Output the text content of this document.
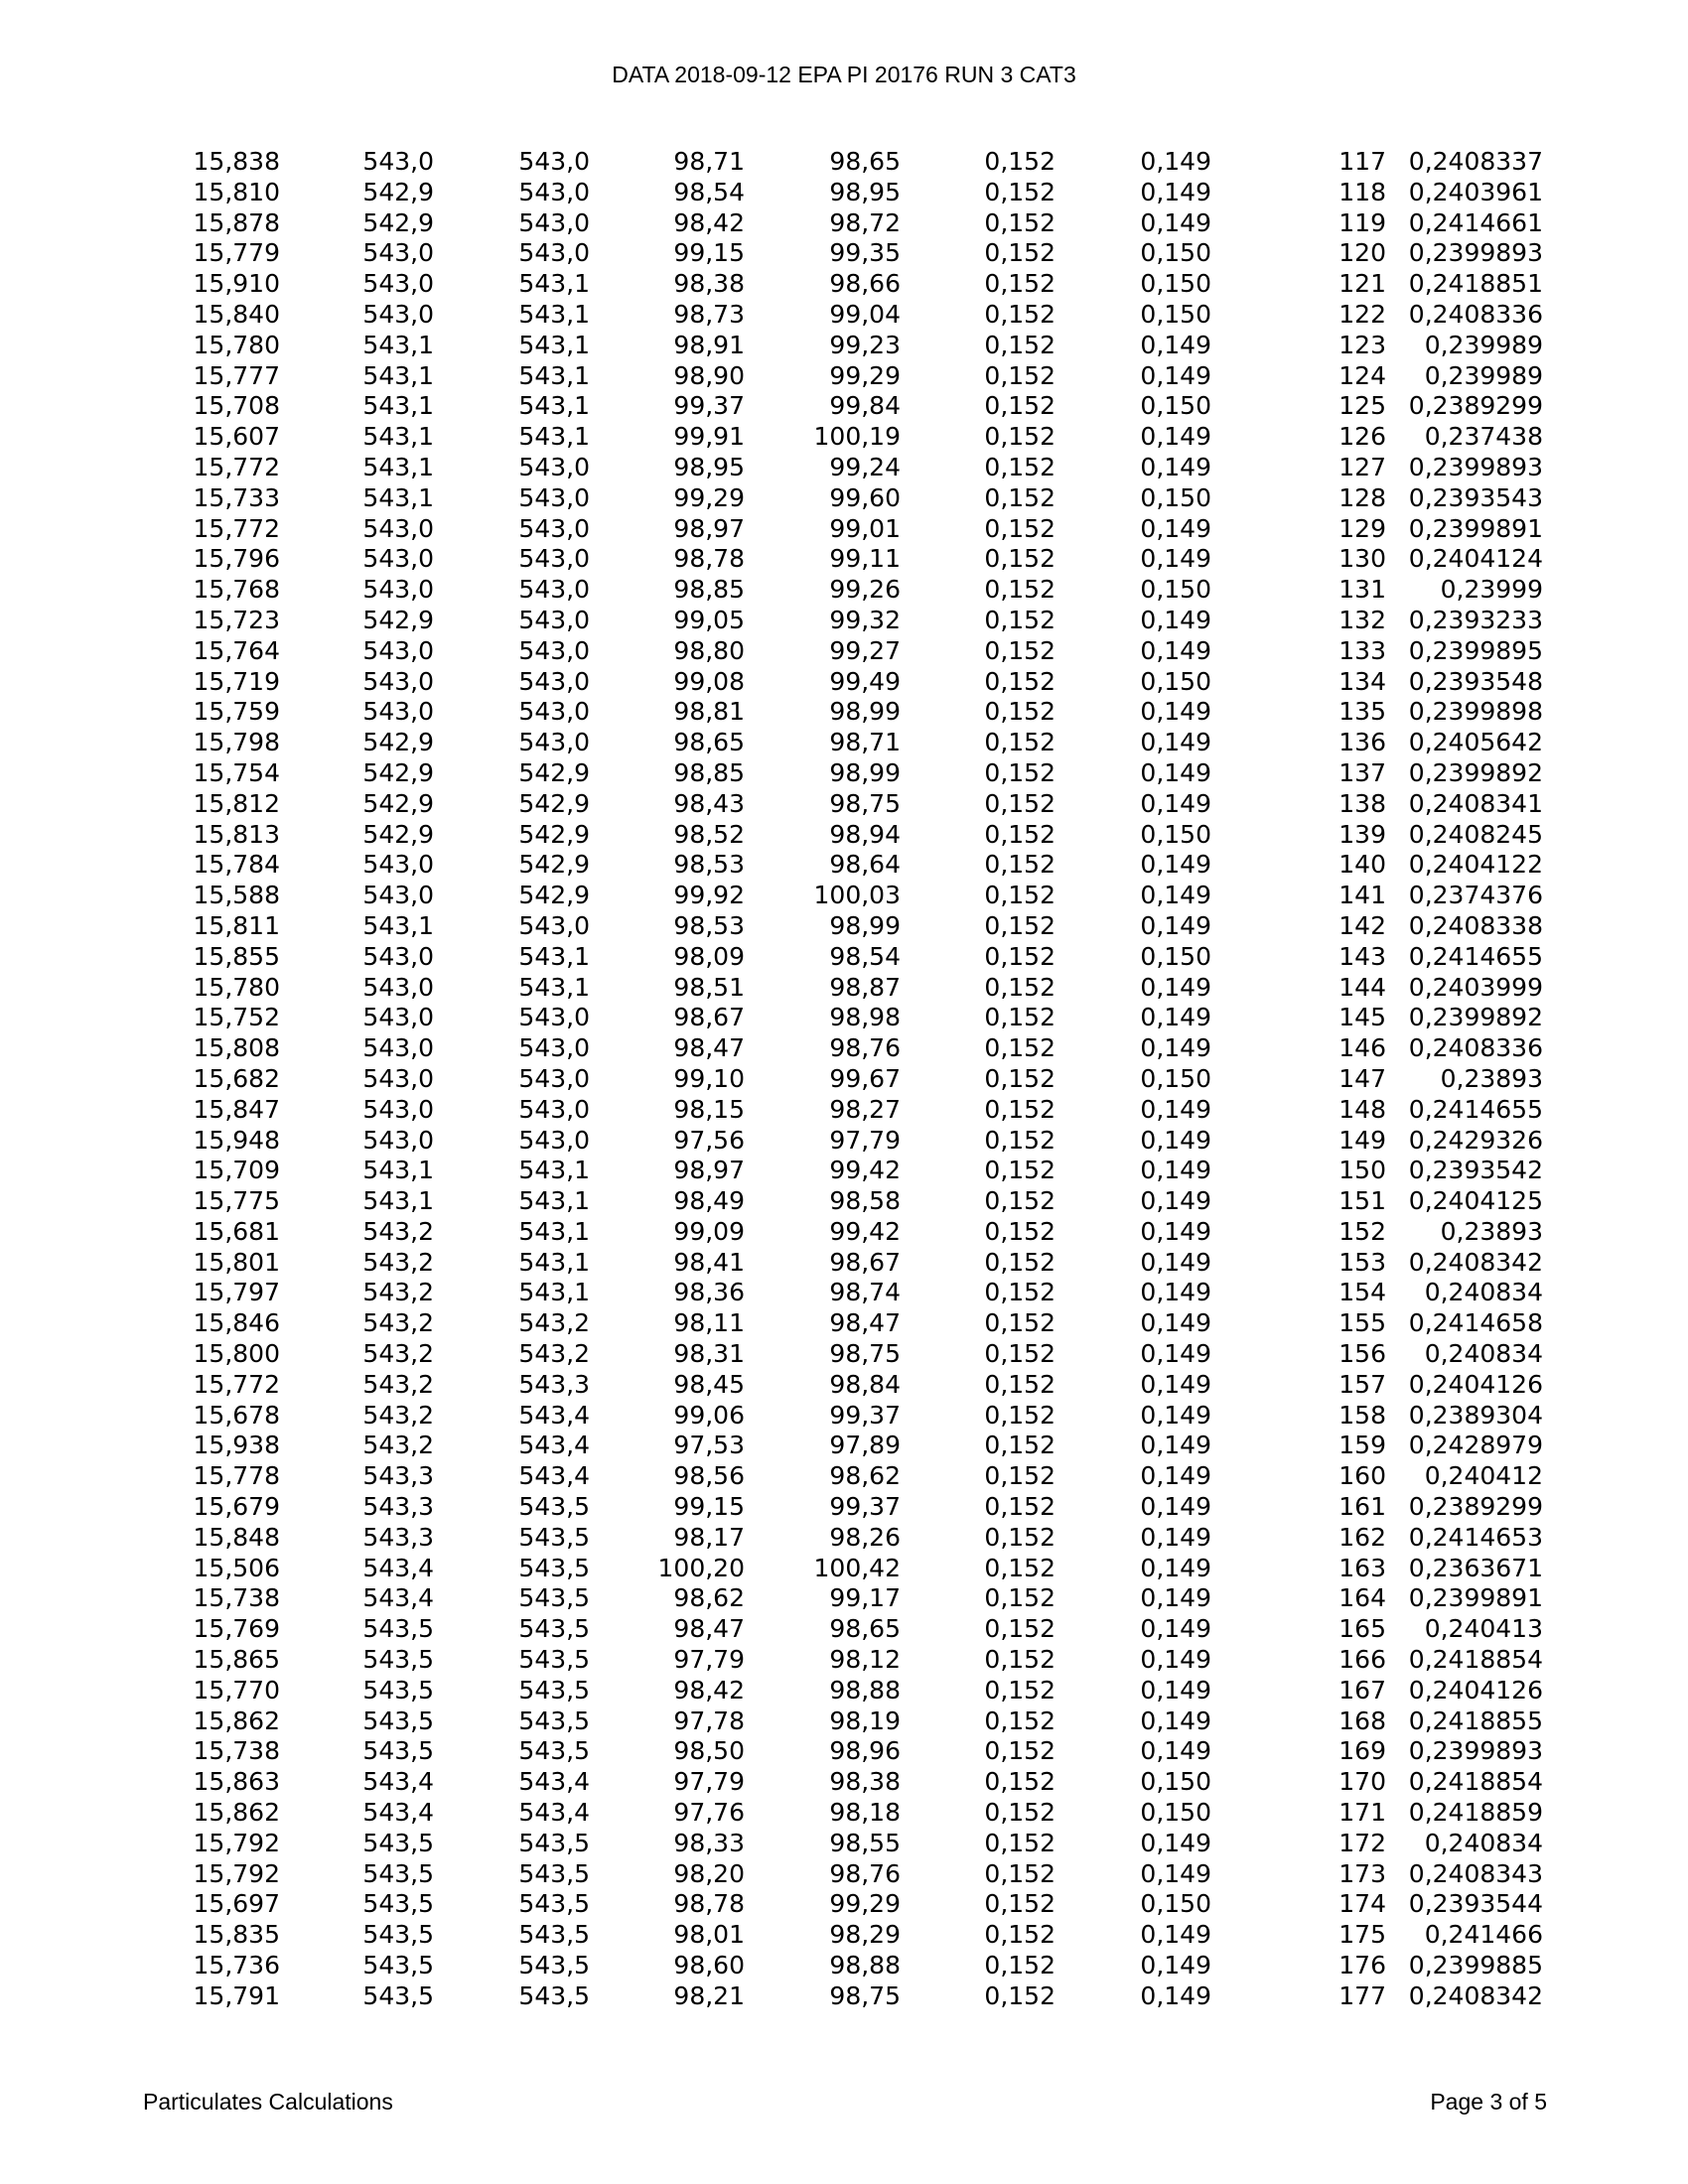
DATA 2018-09-12 EPA PI 20176 RUN 3 CAT3
15,838	543,0	543,0	98,71	98,65	0,152	0,149	117	0,2408337
15,810	542,9	543,0	98,54	98,95	0,152	0,149	118	0,2403961
15,878	542,9	543,0	98,42	98,72	0,152	0,149	119	0,2414661
15,779	543,0	543,0	99,15	99,35	0,152	0,150	120	0,2399893
15,910	543,0	543,1	98,38	98,66	0,152	0,150	121	0,2418851
15,840	543,0	543,1	98,73	99,04	0,152	0,150	122	0,2408336
15,780	543,1	543,1	98,91	99,23	0,152	0,149	123	0,239989
15,777	543,1	543,1	98,90	99,29	0,152	0,149	124	0,239989
15,708	543,1	543,1	99,37	99,84	0,152	0,150	125	0,2389299
15,607	543,1	543,1	99,91	100,19	0,152	0,149	126	0,237438
15,772	543,1	543,0	98,95	99,24	0,152	0,149	127	0,2399893
15,733	543,1	543,0	99,29	99,60	0,152	0,150	128	0,2393543
15,772	543,0	543,0	98,97	99,01	0,152	0,149	129	0,2399891
15,796	543,0	543,0	98,78	99,11	0,152	0,149	130	0,2404124
15,768	543,0	543,0	98,85	99,26	0,152	0,150	131	0,23999
15,723	542,9	543,0	99,05	99,32	0,152	0,149	132	0,2393233
15,764	543,0	543,0	98,80	99,27	0,152	0,149	133	0,2399895
15,719	543,0	543,0	99,08	99,49	0,152	0,150	134	0,2393548
15,759	543,0	543,0	98,81	98,99	0,152	0,149	135	0,2399898
15,798	542,9	543,0	98,65	98,71	0,152	0,149	136	0,2405642
15,754	542,9	542,9	98,85	98,99	0,152	0,149	137	0,2399892
15,812	542,9	542,9	98,43	98,75	0,152	0,149	138	0,2408341
15,813	542,9	542,9	98,52	98,94	0,152	0,150	139	0,2408245
15,784	543,0	542,9	98,53	98,64	0,152	0,149	140	0,2404122
15,588	543,0	542,9	99,92	100,03	0,152	0,149	141	0,2374376
15,811	543,1	543,0	98,53	98,99	0,152	0,149	142	0,2408338
15,855	543,0	543,1	98,09	98,54	0,152	0,150	143	0,2414655
15,780	543,0	543,1	98,51	98,87	0,152	0,149	144	0,2403999
15,752	543,0	543,0	98,67	98,98	0,152	0,149	145	0,2399892
15,808	543,0	543,0	98,47	98,76	0,152	0,149	146	0,2408336
15,682	543,0	543,0	99,10	99,67	0,152	0,150	147	0,23893
15,847	543,0	543,0	98,15	98,27	0,152	0,149	148	0,2414655
15,948	543,0	543,0	97,56	97,79	0,152	0,149	149	0,2429326
15,709	543,1	543,1	98,97	99,42	0,152	0,149	150	0,2393542
15,775	543,1	543,1	98,49	98,58	0,152	0,149	151	0,2404125
15,681	543,2	543,1	99,09	99,42	0,152	0,149	152	0,23893
15,801	543,2	543,1	98,41	98,67	0,152	0,149	153	0,2408342
15,797	543,2	543,1	98,36	98,74	0,152	0,149	154	0,240834
15,846	543,2	543,2	98,11	98,47	0,152	0,149	155	0,2414658
15,800	543,2	543,2	98,31	98,75	0,152	0,149	156	0,240834
15,772	543,2	543,3	98,45	98,84	0,152	0,149	157	0,2404126
15,678	543,2	543,4	99,06	99,37	0,152	0,149	158	0,2389304
15,938	543,2	543,4	97,53	97,89	0,152	0,149	159	0,2428979
15,778	543,3	543,4	98,56	98,62	0,152	0,149	160	0,240412
15,679	543,3	543,5	99,15	99,37	0,152	0,149	161	0,2389299
15,848	543,3	543,5	98,17	98,26	0,152	0,149	162	0,2414653
15,506	543,4	543,5	100,20	100,42	0,152	0,149	163	0,2363671
15,738	543,4	543,5	98,62	99,17	0,152	0,149	164	0,2399891
15,769	543,5	543,5	98,47	98,65	0,152	0,149	165	0,240413
15,865	543,5	543,5	97,79	98,12	0,152	0,149	166	0,2418854
15,770	543,5	543,5	98,42	98,88	0,152	0,149	167	0,2404126
15,862	543,5	543,5	97,78	98,19	0,152	0,149	168	0,2418855
15,738	543,5	543,5	98,50	98,96	0,152	0,149	169	0,2399893
15,863	543,4	543,4	97,79	98,38	0,152	0,150	170	0,2418854
15,862	543,4	543,4	97,76	98,18	0,152	0,150	171	0,2418859
15,792	543,5	543,5	98,33	98,55	0,152	0,149	172	0,240834
15,792	543,5	543,5	98,20	98,76	0,152	0,149	173	0,2408343
15,697	543,5	543,5	98,78	99,29	0,152	0,150	174	0,2393544
15,835	543,5	543,5	98,01	98,29	0,152	0,149	175	0,241466
15,736	543,5	543,5	98,60	98,88	0,152	0,149	176	0,2399885
15,791	543,5	543,5	98,21	98,75	0,152	0,149	177	0,2408342
Particulates Calculations	Page 3 of 5
